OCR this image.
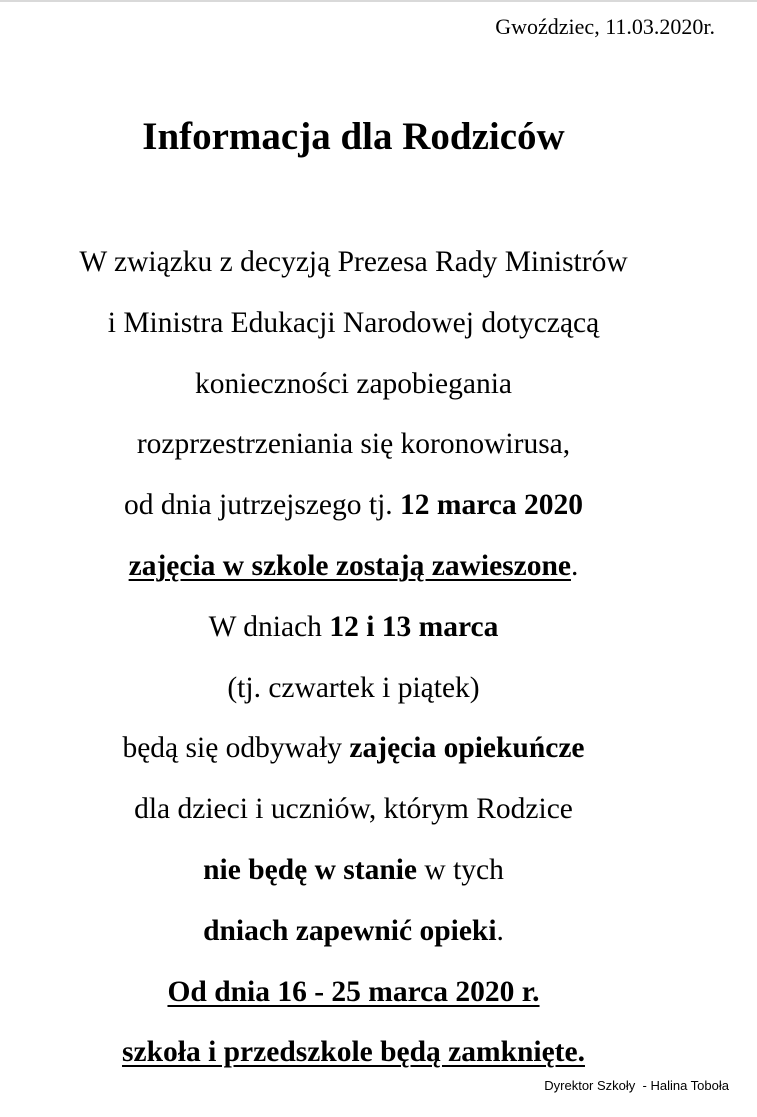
Gwoździec, 11.03.2020r.
Informacja dla Rodziców
W związku z decyzją Prezesa Rady Ministrów
i Ministra Edukacji Narodowej dotyczącą
konieczności zapobiegania
rozprzestrzeniania się koronowirusa,
od dnia jutrzejszego tj. 12 marca 2020
zajęcia w szkole zostają zawieszone.
W dniach 12 i 13 marca
(tj. czwartek i piątek)
będą się odbywały zajęcia opiekuńcze
dla dzieci i uczniów, którym Rodzice
nie będę w stanie w tych
dniach zapewnić opieki.
Od dnia 16 - 25 marca 2020 r.
szkoła i przedszkole będą zamknięte.
Dyrektor Szkoły  - Halina Toboła
